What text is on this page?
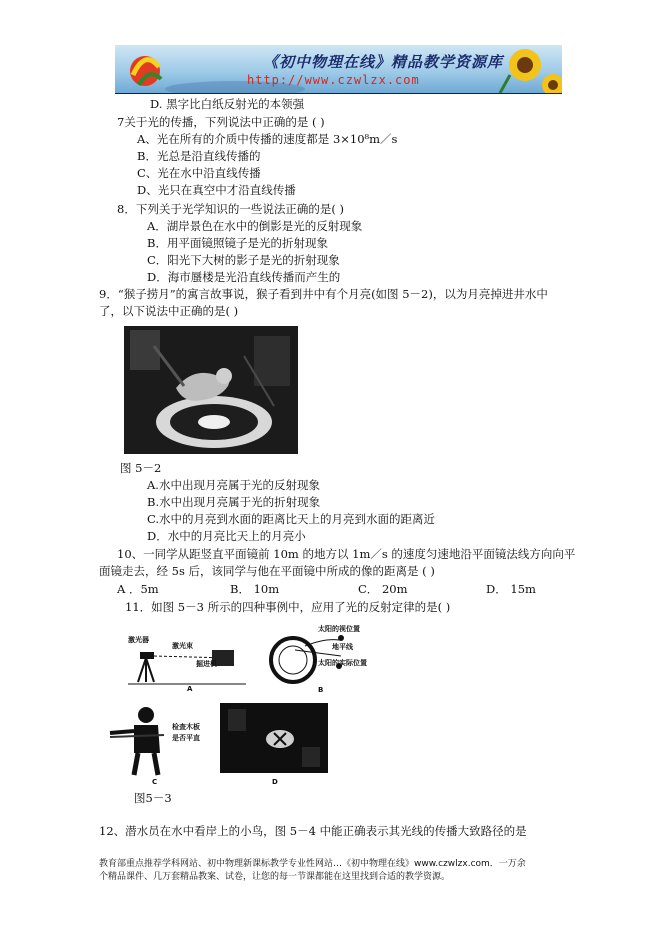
《初中物理在线》精品教学资源库
http://www.czwlzx.com
D. 黑字比白纸反射光的本领强
7关于光的传播，下列说法中正确的是 ( )
A、光在所有的介质中传播的速度都是 3×10⁸m／s
B．光总是沿直线传播的
C、光在水中沿直线传播
D、光只在真空中才沿直线传播
8．下列关于光学知识的一些说法正确的是( )
A．湖岸景色在水中的倒影是光的反射现象
B．用平面镜照镜子是光的折射现象
C．阳光下大树的影子是光的折射现象
D．海市蜃楼是光沿直线传播而产生的
9．“猴子捞月”的寓言故事说，猴子看到井中有个月亮(如图 5－2)，以为月亮掉进井水中
了，以下说法中正确的是( )
图 5－2
A.水中出现月亮属于光的反射现象
B.水中出现月亮属于光的折射现象
C.水中的月亮到水面的距离比天上的月亮到水面的距离近
D．水中的月亮比天上的月亮小
10、一同学从距竖直平面镜前 10m 的地方以 1m／s 的速度匀速地沿平面镜法线方向向平
面镜走去，经 5s 后，该同学与他在平面镜中所成的像的距离是 ( )
A ．5m	B． 10m	C． 20m	D． 15m
11．如图 5－3 所示的四种事例中，应用了光的反射定律的是( )
激光器
激光束
掘进机
A
太阳的视位置
地平线
太阳的实际位置
B
检查木板
是否平直
C	D
图5－3
12、潜水员在水中看岸上的小鸟，图 5－4 中能正确表示其光线的传播大致路径的是
教育部重点推荐学科网站、初中物理新课标教学专业性网站…《初中物理在线》www.czwlzx.com．一万余
个精品课件、几万套精品教案、试卷，让您的每一节课都能在这里找到合适的教学资源。
